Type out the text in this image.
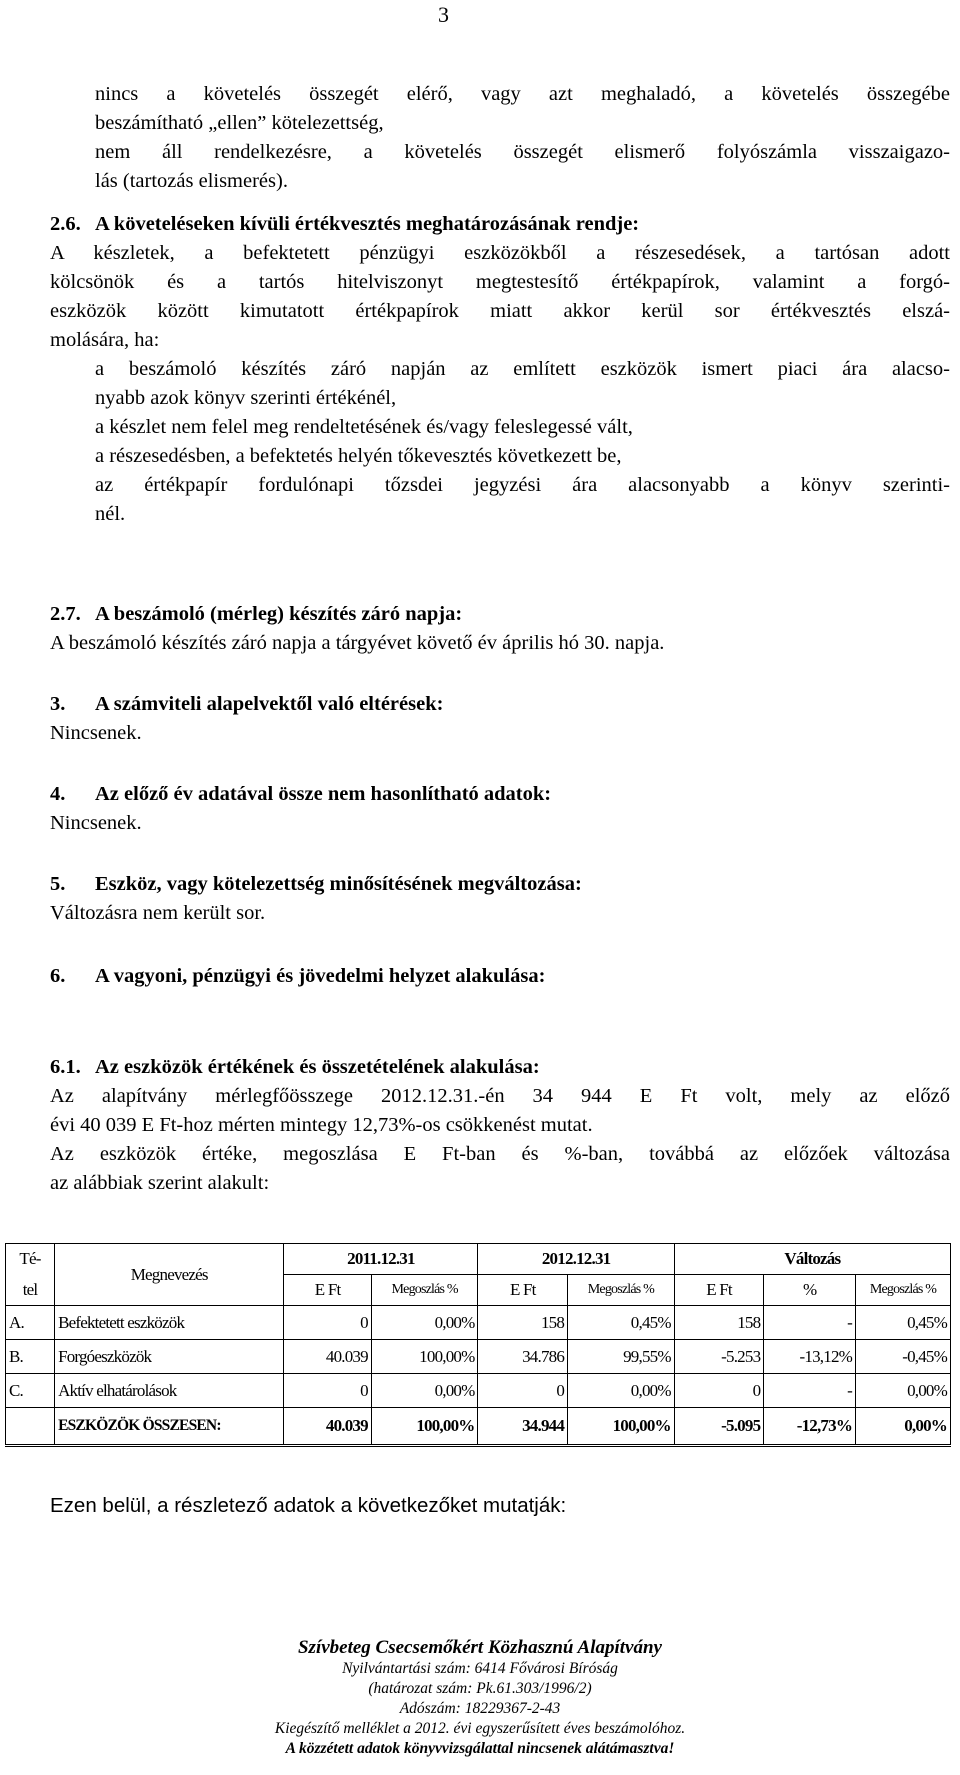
3

nincs a követelés összegét elérő, vagy azt meghaladó, a követelés összegébe

beszámítható „ellen” kötelezettség,

nem áll rendelkezésre, a követelés összegét elismerő folyószámla visszaigazo-

lás (tartozás elismerés).

2.6. A követeléseken kívüli értékvesztés meghatározásának rendje:

A készletek, a befektetett pénzügyi eszközökből a részesedések, a tartósan adott

kölcsönök és a tartós hitelviszonyt megtestesítő értékpapírok, valamint a forgó-

eszközök között kimutatott értékpapírok miatt akkor kerül sor értékvesztés elszá-

molására, ha:

a beszámoló készítés záró napján az említett eszközök ismert piaci ára alacso-

nyabb azok könyv szerinti értékénél,

a készlet nem felel meg rendeltetésének és/vagy feleslegessé vált,

a részesedésben, a befektetés helyén tőkevesztés következett be,

az értékpapír fordulónapi tőzsdei jegyzési ára alacsonyabb a könyv szerinti-

nél.

2.7. A beszámoló (mérleg) készítés záró napja:

A beszámoló készítés záró napja a tárgyévet követő év április hó 30. napja.

3.	A számviteli alapelvektől való eltérések:

Nincsenek.

4.	Az előző év adatával össze nem hasonlítható adatok:

Nincsenek.

5.	Eszköz, vagy kötelezettség minősítésének megváltozása:

Változásra nem került sor.

6.	A vagyoni, pénzügyi és jövedelmi helyzet alakulása:
6.1. Az eszközök értékének és összetételének alakulása:

Az alapítvány mérlegfőösszege 2012.12.31.-én 34 944 E Ft volt, mely az előző

évi 40 039 E Ft-hoz mérten mintegy 12,73%-os csökkenést mutat.

Az eszközök értéke, megoszlása E Ft-ban és %-ban, továbbá az előzőek változása

az alábbiak szerint alakult:

Té-	Megnevezés	2011.12.31		2012.12.31		Változás		
tel		E Ft	Megoszlás %	E Ft	Megoszlás %	E Ft	%	Megoszlás %
A.	Befektetett eszközök	0	0,00%	158	0,45%	158	-	0,45%
B.	Forgóeszközök	40.039	100,00%	34.786	99,55%	-5.253	-13,12%	-0,45%
C.	Aktív elhatárolások	0	0,00%	0	0,00%	0	-	0,00%
	ESZKÖZÖK ÖSSZESEN:	40.039	100,00%	34.944	100,00%	-5.095	-12,73%	0,00%
Ezen belül, a részletező adatok a következőket mutatják:
Szívbeteg Csecsemőkért Közhasznú Alapítvány
Nyilvántartási szám: 6414 Fővárosi Bíróság
(határozat szám: Pk.61.303/1996/2)
Adószám: 18229367-2-43
Kiegészítő melléklet a 2012. évi egyszerűsített éves beszámolóhoz.
A közzétett adatok könyvvizsgálattal nincsenek alátámasztva!
